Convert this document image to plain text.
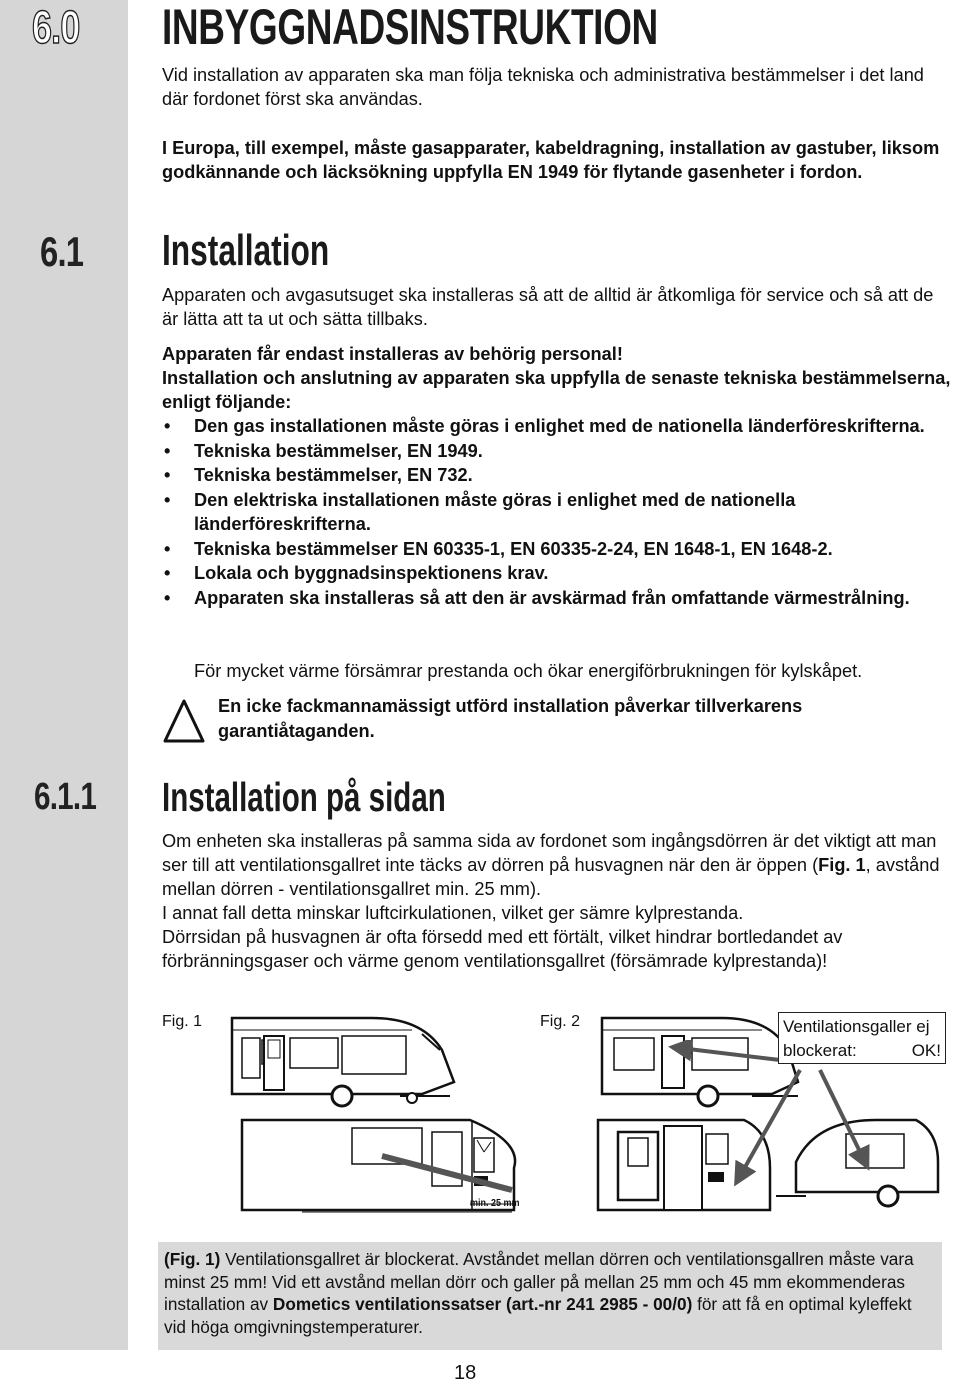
6.0 INBYGGNADSINSTRUKTION

Vid installation av apparaten ska man följa tekniska och administrativa bestämmelser i det land där fordonet först ska användas.

I Europa, till exempel, måste gasapparater, kabeldragning, installation av gastuber, liksom godkännande och läcksökning uppfylla EN 1949 för flytande gasenheter i fordon.

6.1 Installation

Apparaten och avgasutsuget ska installeras så att de alltid är åtkomliga för service och så att de är lätta att ta ut och sätta tillbaks.

Apparaten får endast installeras av behörig personal!

Installation och anslutning av apparaten ska uppfylla de senaste tekniska bestämmelserna, enligt följande:

• Den gas installationen måste göras i enlighet med de nationella länderföreskrifterna.
• Tekniska bestämmelser, EN 1949.
• Tekniska bestämmelser, EN 732.
• Den elektriska installationen måste göras i enlighet med de nationella länderföreskrifterna.
• Tekniska bestämmelser EN 60335-1, EN 60335-2-24, EN 1648-1, EN 1648-2.
• Lokala och byggnadsinspektionens krav.
• Apparaten ska installeras så att den är avskärmad från omfattande värmestrålning.

För mycket värme försämrar prestanda och ökar energiförbrukningen för kylskåpet.

En icke fackmannamässigt utförd installation påverkar tillverkarens garantiåtaganden.
6.1.1 Installation på sidan

Om enheten ska installeras på samma sida av fordonet som ingångsdörren är det viktigt att man ser till att ventilationsgallret inte täcks av dörren på husvagnen när den är öppen (Fig. 1, avstånd mellan dörren - ventilationsgallret min. 25 mm).

I annat fall detta minskar luftcirkulationen, vilket ger sämre kylprestanda.

Dörrsidan på husvagnen är ofta försedd med ett förtält, vilket hindrar bortledandet av förbränningsgaser och värme genom ventilationsgallret (försämrade kylprestanda)!

Fig. 1	Fig. 2
min. 25 mm
Ventilationsgaller ej
blockerat:	OK!
(Fig. 1) Ventilationsgallret är blockerat. Avståndet mellan dörren och ventilationsgallren måste vara minst 25 mm! Vid ett avstånd mellan dörr och galler på mellan 25 mm och 45 mm ekommenderas installation av Dometics ventilationssatser (art.-nr 241 2985 - 00/0) för att få en optimal kyleffekt vid höga omgivningstemperaturer.
18
